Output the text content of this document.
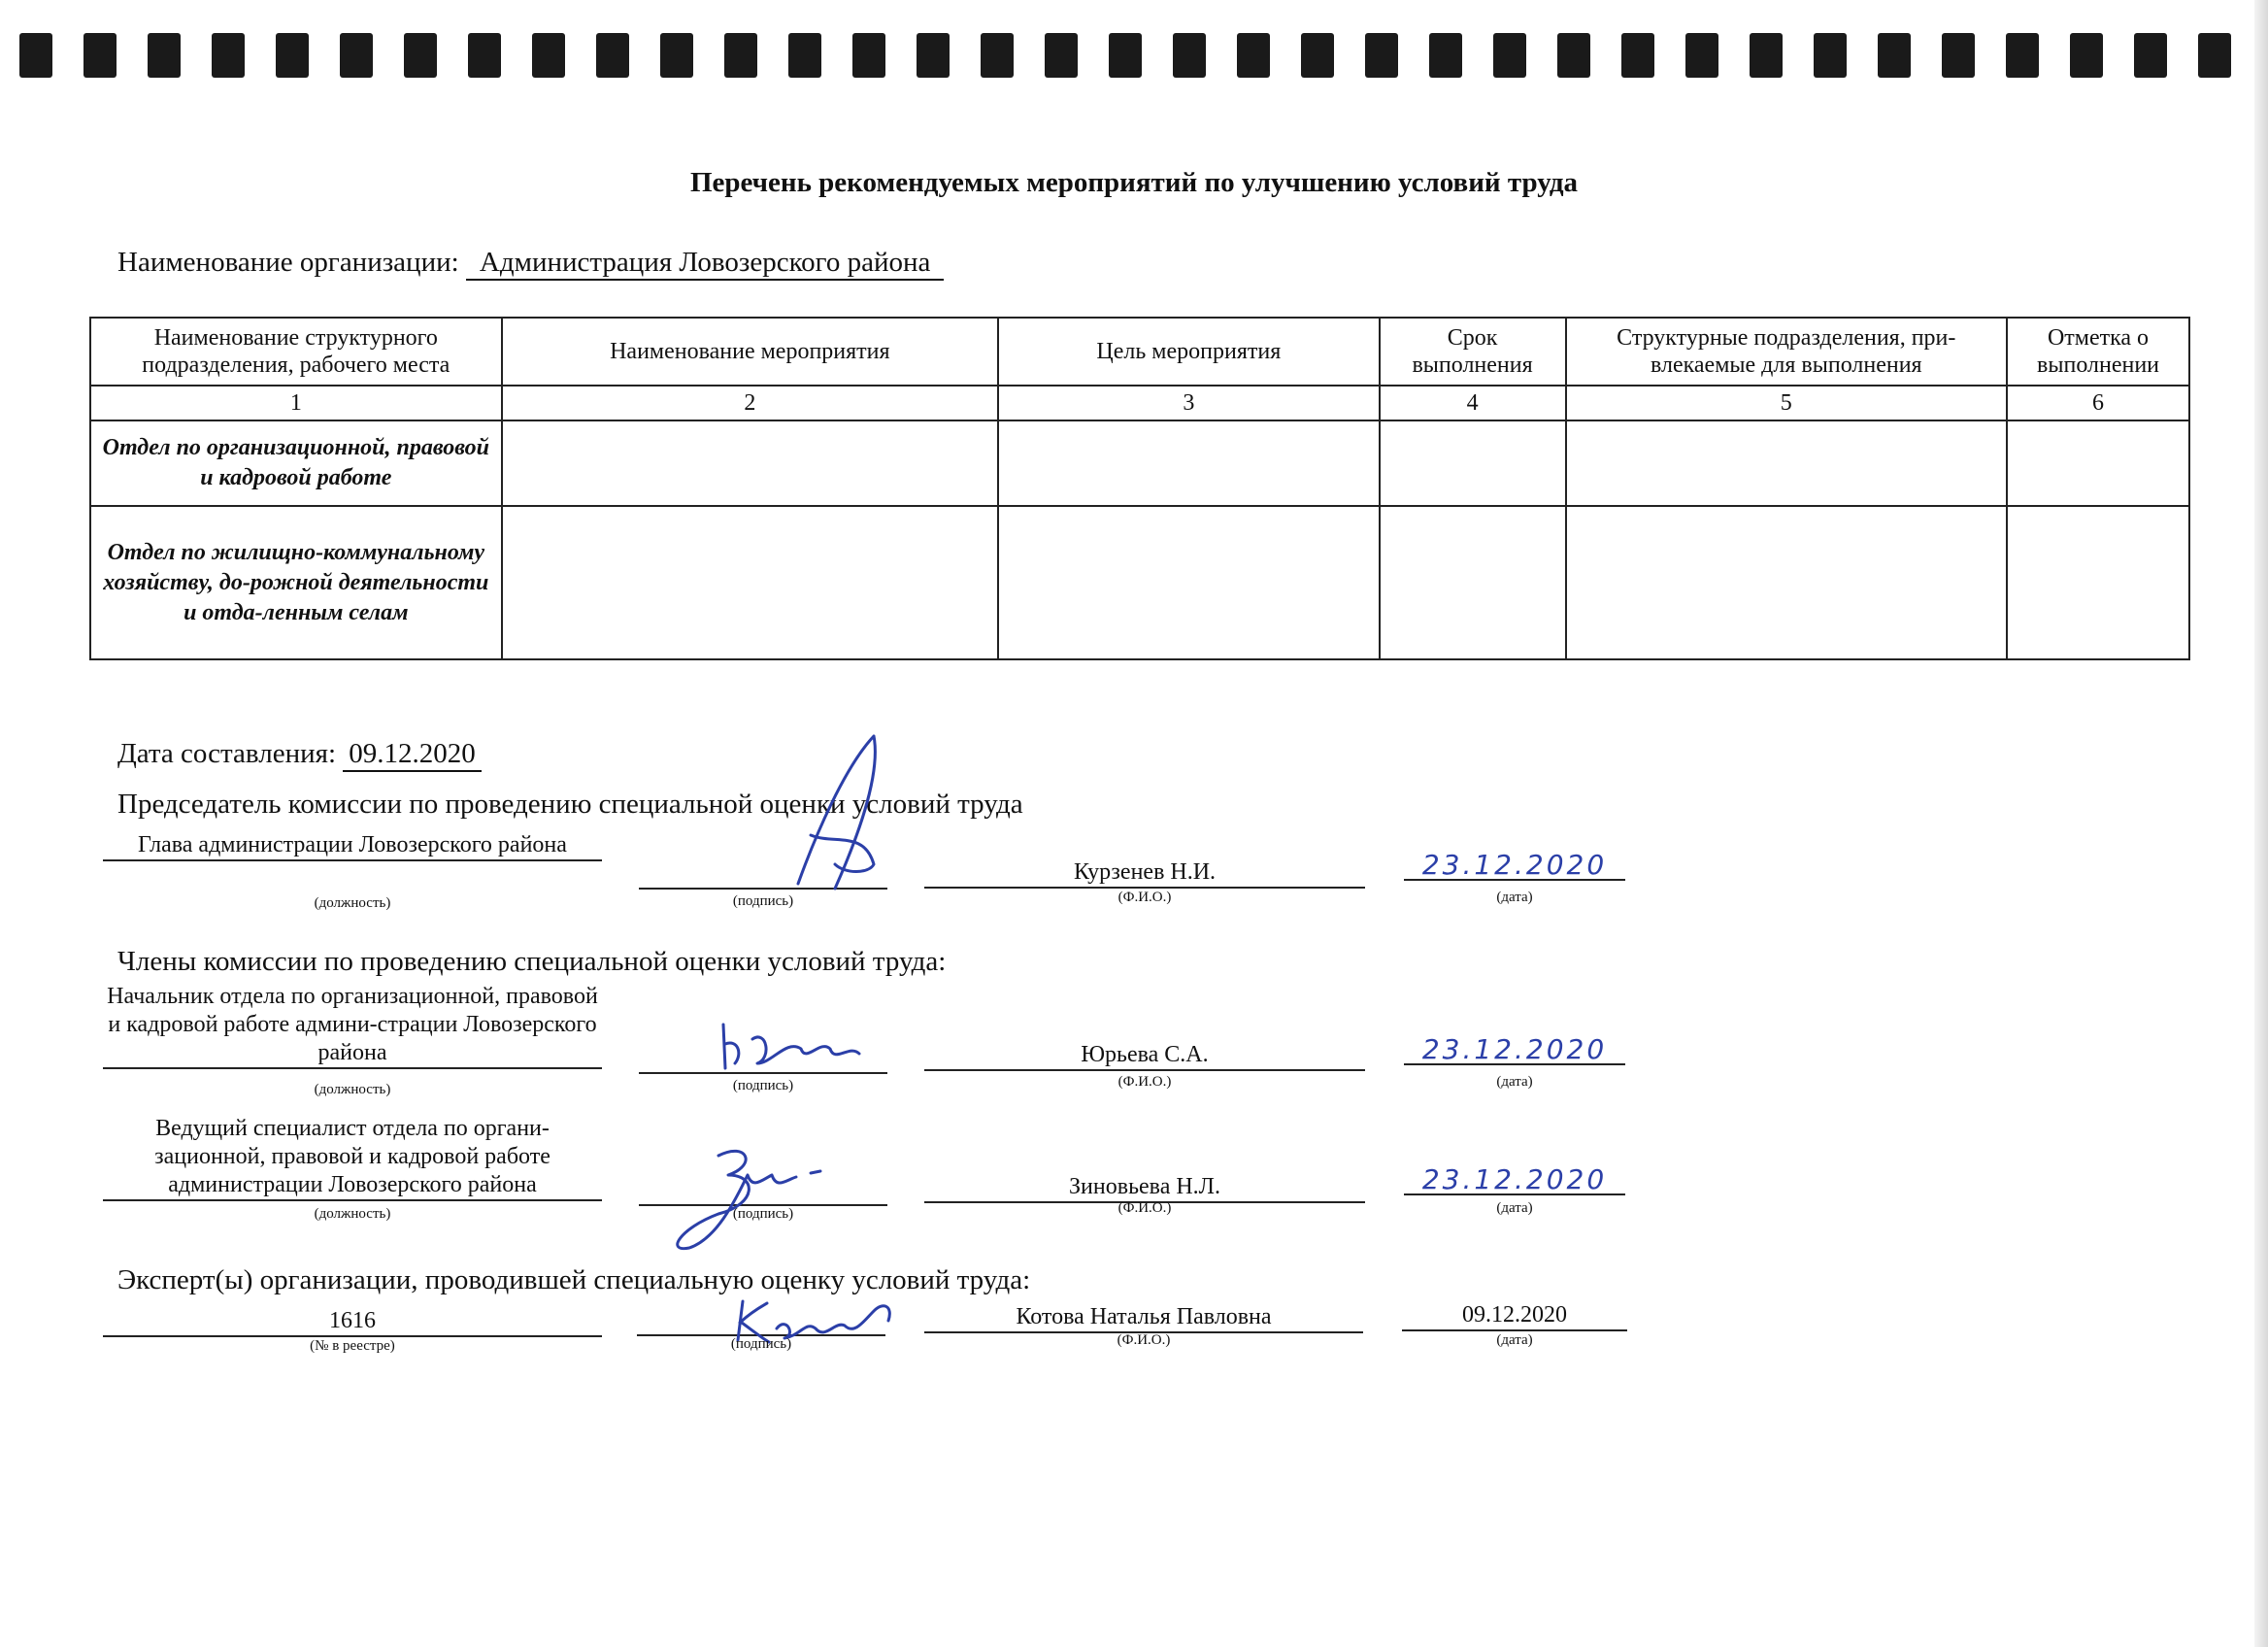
Перечень рекомендуемых мероприятий по улучшению условий труда
Наименование организации: Администрация Ловозерского района
Наименование структурного подразделения, рабочего места	Наименование мероприятия	Цель мероприятия	Срок выполнения	Структурные подразделения, при-влекаемые для выполнения	Отметка о выполнении
1	2	3	4	5	6
Отдел по организационной, правовой и кадровой работе					
Отдел по жилищно-коммунальному хозяйству, до-рожной деятельности и отда-ленным селам					
Дата составления: 09.12.2020
Председатель комиссии по проведению специальной оценки условий труда
Глава администрации Ловозерского района
Курзенев Н.И.	23.12.2020
(должность)	(подпись)	(Ф.И.О.)	(дата)
Члены комиссии по проведению специальной оценки условий труда:
Начальник отдела по организационной, правовой и кадровой работе админи-страции Ловозерского района	Юрьева С.А.	23.12.2020
(должность)	(подпись)	(Ф.И.О.)	(дата)
Ведущий специалист отдела по органи-зационной, правовой и кадровой работе администрации Ловозерского района	Зиновьева Н.Л.	23.12.2020
(должность)	(подпись)	(Ф.И.О.)	(дата)
Эксперт(ы) организации, проводившей специальную оценку условий труда:
1616	Котова Наталья Павловна	09.12.2020
(№ в реестре)	(подпись)	(Ф.И.О.)	(дата)
